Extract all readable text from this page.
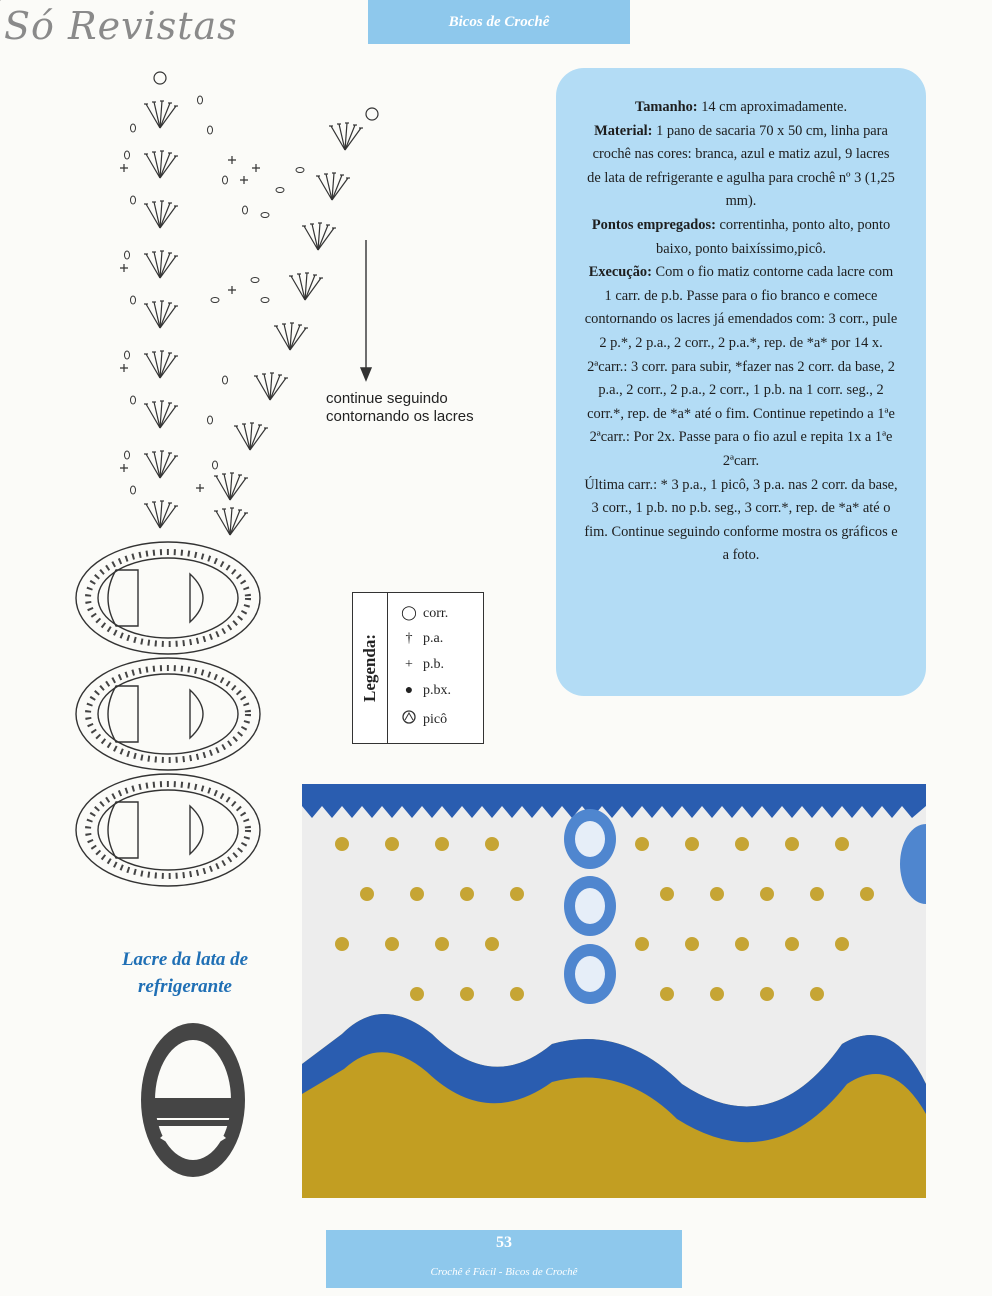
Só Revistas	Bicos de Crochê
continue seguindo contornando os lacres

Tamanho: 14 cm aproximadamente.

Material: 1 pano de sacaria 70 x 50 cm, linha para crochê nas cores: branca, azul e matiz azul, 9 lacres de lata de refrigerante e agulha para crochê nº 3 (1,25 mm).

Pontos empregados: correntinha, ponto alto, ponto baixo, ponto baixíssimo,picô.

Execução: Com o fio matiz contorne cada lacre com 1 carr. de p.b. Passe para o fio branco e comece contornando os lacres já emendados com: 3 corr., pule 2 p.*, 2 p.a., 2 corr., 2 p.a.*, rep. de *a* por 14 x. 2ªcarr.: 3 corr. para subir, *fazer nas 2 corr. da base, 2 p.a., 2 corr., 2 p.a., 2 corr., 1 p.b. na 1 corr. seg., 2 corr.*, rep. de *a* até o fim. Continue repetindo a 1ªe 2ªcarr.: Por 2x. Passe para o fio azul e repita 1x a 1ªe 2ªcarr.

Última carr.: * 3 p.a., 1 picô, 3 p.a. nas 2 corr. da base, 3 corr., 1 p.b. no p.b. seg., 3 corr.*, rep. de *a* até o fim. Continue seguindo conforme mostra os gráficos e a foto.

Legenda:
◯ corr.
† p.a.
+ p.b.
● p.bx.
picô
Lacre da lata de refrigerante
53
Crochê é Fácil - Bicos de Crochê
